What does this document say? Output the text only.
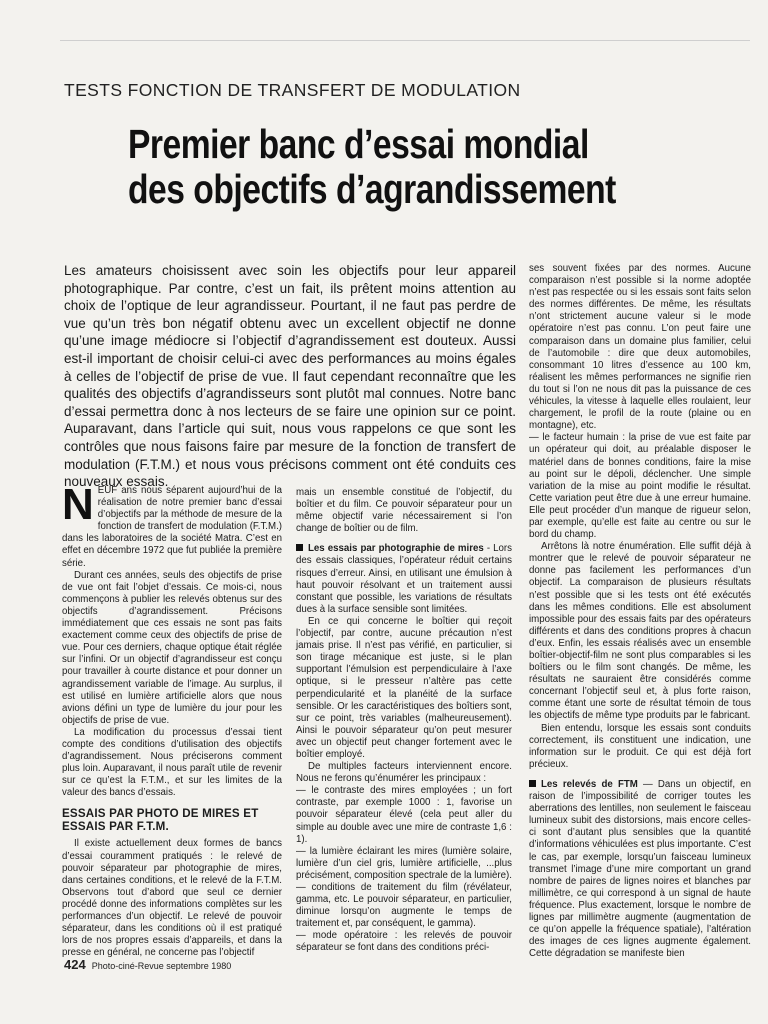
TESTS FONCTION DE TRANSFERT DE MODULATION
Premier banc d’essai mondial
des objectifs d’agrandissement
Les amateurs choisissent avec soin les objectifs pour leur appareil photographique. Par contre, c’est un fait, ils prêtent moins attention au choix de l’optique de leur agrandisseur. Pourtant, il ne faut pas perdre de vue qu’un très bon négatif obtenu avec un excellent objectif ne donne qu’une image médiocre si l’objectif d’agrandissement est douteux. Aussi est-il important de choisir celui-ci avec des performances au moins égales à celles de l’objectif de prise de vue. Il faut cependant reconnaître que les qualités des objectifs d’agrandisseurs sont plutôt mal connues. Notre banc d’essai permettra donc à nos lecteurs de se faire une opinion sur ce point. Auparavant, dans l’article qui suit, nous vous rappelons ce que sont les contrôles que nous faisons faire par mesure de la fonction de transfert de modulation (F.T.M.) et nous vous précisons comment ont été conduits ces nouveaux essais.

NEUF ans nous séparent aujourd’hui de la réalisation de notre premier banc d’essai d’objectifs par la méthode de mesure de la fonction de transfert de modulation (F.T.M.) dans les laboratoires de la société Matra. C’est en effet en décembre 1972 que fut publiée la première série.

Durant ces années, seuls des objectifs de prise de vue ont fait l’objet d’essais. Ce mois-ci, nous commençons à publier les relevés obtenus sur des objectifs d’agrandissement. Précisons immédiatement que ces essais ne sont pas faits exactement comme ceux des objectifs de prise de vue. Pour ces derniers, chaque optique était réglée sur l’infini. Or un objectif d’agrandisseur est conçu pour travailler à courte distance et pour donner un agrandissement variable de l’image. Au surplus, il est utilisé en lumière artificielle alors que nous avions défini un type de lumière du jour pour les objectifs de prise de vue.

La modification du processus d’essai tient compte des conditions d’utilisation des objectifs d’agrandissement. Nous préciserons comment plus loin. Auparavant, il nous paraît utile de revenir sur ce qu’est la F.T.M., et sur les limites de la valeur des bancs d’essais.

ESSAIS PAR PHOTO DE MIRES ET ESSAIS PAR F.T.M.

Il existe actuellement deux formes de bancs d’essai couramment pratiqués : le relevé de pouvoir séparateur par photographie de mires, dans certaines conditions, et le relevé de la F.T.M. Observons tout d’abord que seul ce dernier procédé donne des informations complètes sur les performances d’un objectif. Le relevé de pouvoir séparateur, dans les conditions où il est pratiqué lors de nos propres essais d’appareils, et dans la presse en général, ne concerne pas l’objectif

mais un ensemble constitué de l’objectif, du boîtier et du film. Ce pouvoir séparateur pour un même objectif varie nécessairement si l’on change de boîtier ou de film.

Les essais par photographie de mires - Lors des essais classiques, l’opérateur réduit certains risques d’erreur. Ainsi, en utilisant une émulsion à haut pouvoir résolvant et un traitement aussi constant que possible, les variations de résultats dues à la surface sensible sont limitées.

En ce qui concerne le boîtier qui reçoit l’objectif, par contre, aucune précaution n’est jamais prise. Il n’est pas vérifié, en particulier, si son tirage mécanique est juste, si le plan supportant l’émulsion est perpendiculaire à l’axe optique, si le presseur n’altère pas cette perpendicularité et la planéité de la surface sensible. Or les caractéristiques des boîtiers sont, sur ce point, très variables (malheureusement). Ainsi le pouvoir séparateur qu’on peut mesurer avec un objectif peut changer fortement avec le boîtier employé.

De multiples facteurs interviennent encore. Nous ne ferons qu’énumérer les principaux :

— le contraste des mires employées ; un fort contraste, par exemple 1000 : 1, favorise un pouvoir séparateur élevé (cela peut aller du simple au double avec une mire de contraste 1,6 : 1).

— la lumière éclairant les mires (lumière solaire, lumière d’un ciel gris, lumière artificielle, ...plus précisément, composition spectrale de la lumière).

— conditions de traitement du film (révélateur, gamma, etc. Le pouvoir séparateur, en particulier, diminue lorsqu’on augmente le temps de traitement et, par conséquent, le gamma).

— mode opératoire : les relevés de pouvoir séparateur se font dans des conditions préci-

ses souvent fixées par des normes. Aucune comparaison n’est possible si la norme adoptée n’est pas respectée ou si les essais sont faits selon des normes différentes. De même, les résultats n’ont strictement aucune valeur si le mode opératoire n’est pas connu. L’on peut faire une comparaison dans un domaine plus familier, celui de l’automobile : dire que deux automobiles, consommant 10 litres d’essence au 100 km, réalisent les mêmes performances ne signifie rien du tout si l’on ne nous dit pas la puissance de ces véhicules, la vitesse à laquelle elles roulaient, leur chargement, le profil de la route (plaine ou en montagne), etc.

— le facteur humain : la prise de vue est faite par un opérateur qui doit, au préalable disposer le matériel dans de bonnes conditions, faire la mise au point sur le dépoli, déclencher. Une simple variation de la mise au point modifie le résultat. Cette variation peut être due à une erreur humaine. Elle peut procéder d’un manque de rigueur selon, par exemple, qu’elle est faite au centre ou sur le bord du champ.

Arrêtons là notre énumération. Elle suffit déjà à montrer que le relevé de pouvoir séparateur ne donne pas facilement les performances d’un objectif. La comparaison de plusieurs résultats n’est possible que si les tests ont été exécutés dans les mêmes conditions. Elle est absolument impossible pour des essais faits par des opérateurs différents et dans des conditions propres à chacun d’eux. Enfin, les essais réalisés avec un ensemble boîtier-objectif-film ne sont plus comparables si les boîtiers ou le film sont changés. De même, les résultats ne sauraient être considérés comme concernant l’objectif seul et, à plus forte raison, comme étant une sorte de résultat témoin de tous les objectifs de même type produits par le fabricant.

Bien entendu, lorsque les essais sont conduits correctement, ils constituent une indication, une information sur le produit. Ce qui est déjà fort précieux.

Les relevés de FTM — Dans un objectif, en raison de l’impossibilité de corriger toutes les aberrations des lentilles, non seulement le faisceau lumineux subit des distorsions, mais encore celles-ci sont d’autant plus sensibles que la quantité d’informations véhiculées est plus importante. C’est le cas, par exemple, lorsqu’un faisceau lumineux transmet l’image d’une mire comportant un grand nombre de paires de lignes noires et blanches par millimètre, ce qui correspond à un signal de haute fréquence. Plus exactement, lorsque le nombre de lignes par millimètre augmente (augmentation de ce qu’on appelle la fréquence spatiale), l’altération des images de ces lignes augmente également. Cette dégradation se manifeste bien

424 Photo-ciné-Revue septembre 1980
